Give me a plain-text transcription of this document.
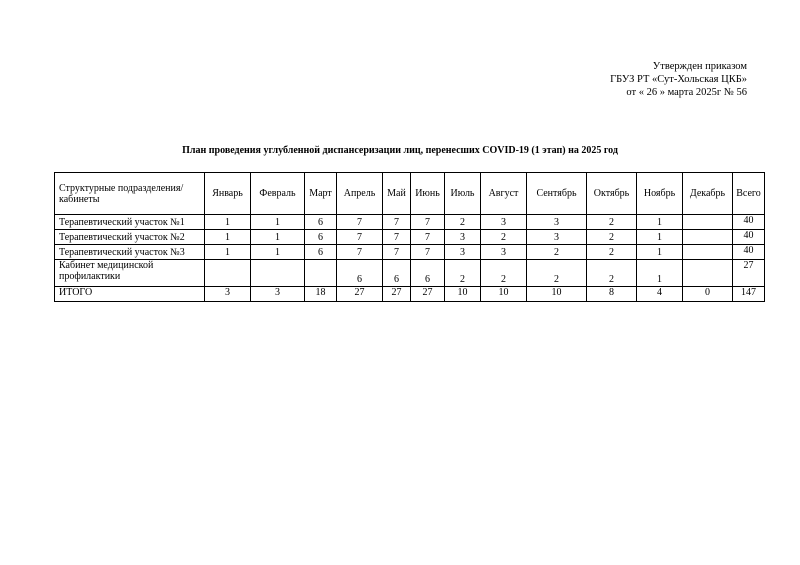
Утвержден приказом
ГБУЗ РТ «Сут-Хольская ЦКБ»
от « 26 » марта 2025г № 56
План проведения углубленной диспансеризации лиц, перенесших COVID-19 (1 этап) на 2025 год
Структурные подразделения/ кабинеты	Январь	Февраль	Март	Апрель	Май	Июнь	Июль	Август	Сентябрь	Октябрь	Ноябрь	Декабрь	Всего
Терапевтический участок №1	1	1	6	7	7	7	2	3	3	2	1		40
Терапевтический участок №2	1	1	6	7	7	7	3	2	3	2	1		40
Терапевтический участок №3	1	1	6	7	7	7	3	3	2	2	1		40
Кабинет медицинской профилактики				6	6	6	2	2	2	2	1		27
ИТОГО	3	3	18	27	27	27	10	10	10	8	4	0	147
